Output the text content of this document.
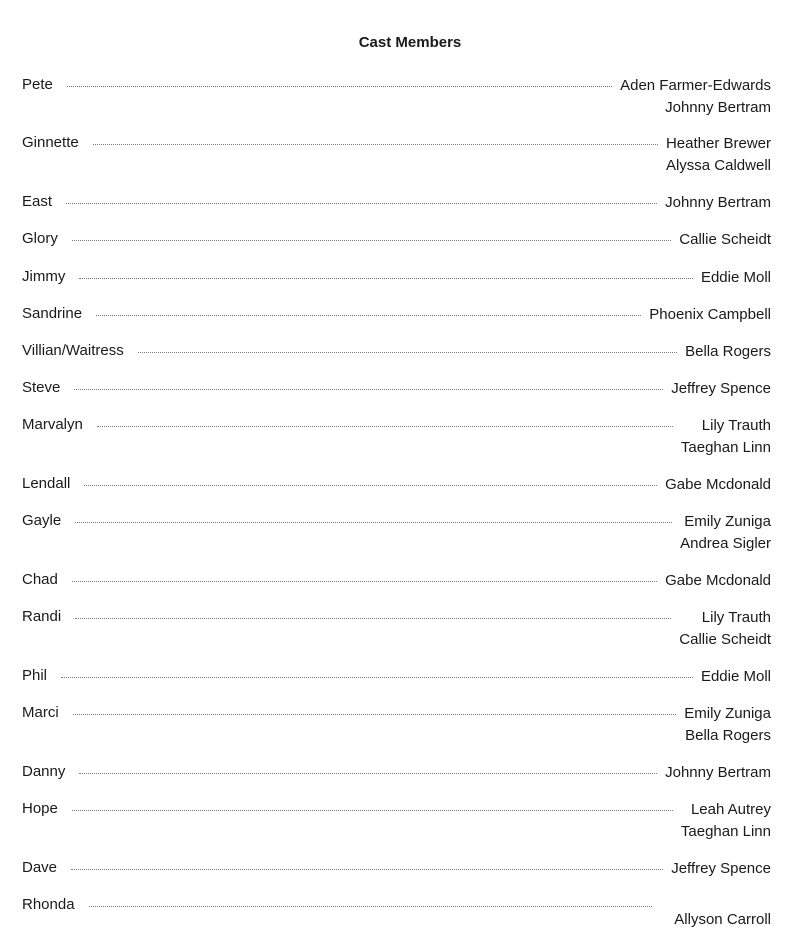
Cast Members
Pete	Aden Farmer-Edwards
Johnny Bertram
Ginnette	Heather Brewer
Alyssa Caldwell
East	Johnny Bertram
Glory	Callie Scheidt
Jimmy	Eddie Moll
Sandrine	Phoenix Campbell
Villian/Waitress	Bella Rogers
Steve	Jeffrey Spence
Marvalyn	Lily Trauth
Taeghan Linn
Lendall	Gabe Mcdonald
Gayle	Emily Zuniga
Andrea Sigler
Chad	Gabe Mcdonald
Randi	Lily Trauth
Callie Scheidt
Phil	Eddie Moll
Marci	Emily Zuniga
Bella Rogers
Danny	Johnny Bertram
Hope	Leah Autrey
Taeghan Linn
Dave	Jeffrey Spence
Rhonda
Allyson Carroll
